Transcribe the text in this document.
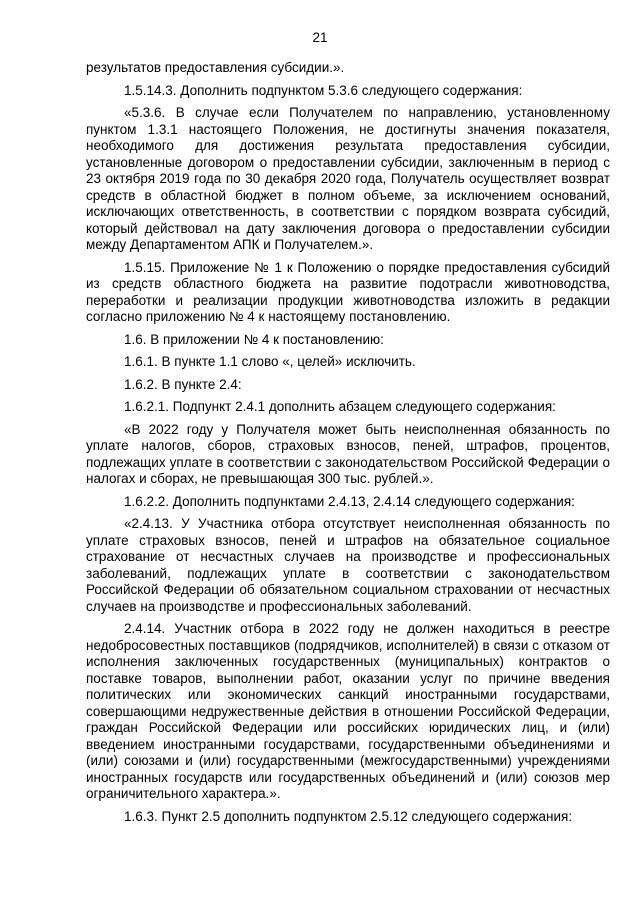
21

результатов предоставления субсидии.».

1.5.14.3. Дополнить подпунктом 5.3.6 следующего содержания:

«5.3.6. В случае если Получателем по направлению, установленному пунктом 1.3.1 настоящего Положения, не достигнуты значения показателя, необходимого для достижения результата предоставления субсидии, установленные договором о предоставлении субсидии, заключенным в период с 23 октября 2019 года по 30 декабря 2020 года, Получатель осуществляет возврат средств в областной бюджет в полном объеме, за исключением оснований, исключающих ответственность, в соответствии с порядком возврата субсидий, который действовал на дату заключения договора о предоставлении субсидии между Департаментом АПК и Получателем.».

1.5.15. Приложение № 1 к Положению о порядке предоставления субсидий из средств областного бюджета на развитие подотрасли животноводства, переработки и реализации продукции животноводства изложить в редакции согласно приложению № 4 к настоящему постановлению.

1.6. В приложении № 4 к постановлению:

1.6.1. В пункте 1.1 слово «, целей» исключить.

1.6.2. В пункте 2.4:

1.6.2.1. Подпункт 2.4.1 дополнить абзацем следующего содержания:

«В 2022 году у Получателя может быть неисполненная обязанность по уплате налогов, сборов, страховых взносов, пеней, штрафов, процентов, подлежащих уплате в соответствии с законодательством Российской Федерации о налогах и сборах, не превышающая 300 тыс. рублей.».

1.6.2.2. Дополнить подпунктами 2.4.13, 2.4.14 следующего содержания:

«2.4.13. У Участника отбора отсутствует неисполненная обязанность по уплате страховых взносов, пеней и штрафов на обязательное социальное страхование от несчастных случаев на производстве и профессиональных заболеваний, подлежащих уплате в соответствии с законодательством Российской Федерации об обязательном социальном страховании от несчастных случаев на производстве и профессиональных заболеваний.

2.4.14. Участник отбора в 2022 году не должен находиться в реестре недобросовестных поставщиков (подрядчиков, исполнителей) в связи с отказом от исполнения заключенных государственных (муниципальных) контрактов о поставке товаров, выполнении работ, оказании услуг по причине введения политических или экономических санкций иностранными государствами, совершающими недружественные действия в отношении Российской Федерации, граждан Российской Федерации или российских юридических лиц, и (или) введением иностранными государствами, государственными объединениями и (или) союзами и (или) государственными (межгосударственными) учреждениями иностранных государств или государственных объединений и (или) союзов мер ограничительного характера.».

1.6.3. Пункт 2.5 дополнить подпунктом 2.5.12 следующего содержания:
